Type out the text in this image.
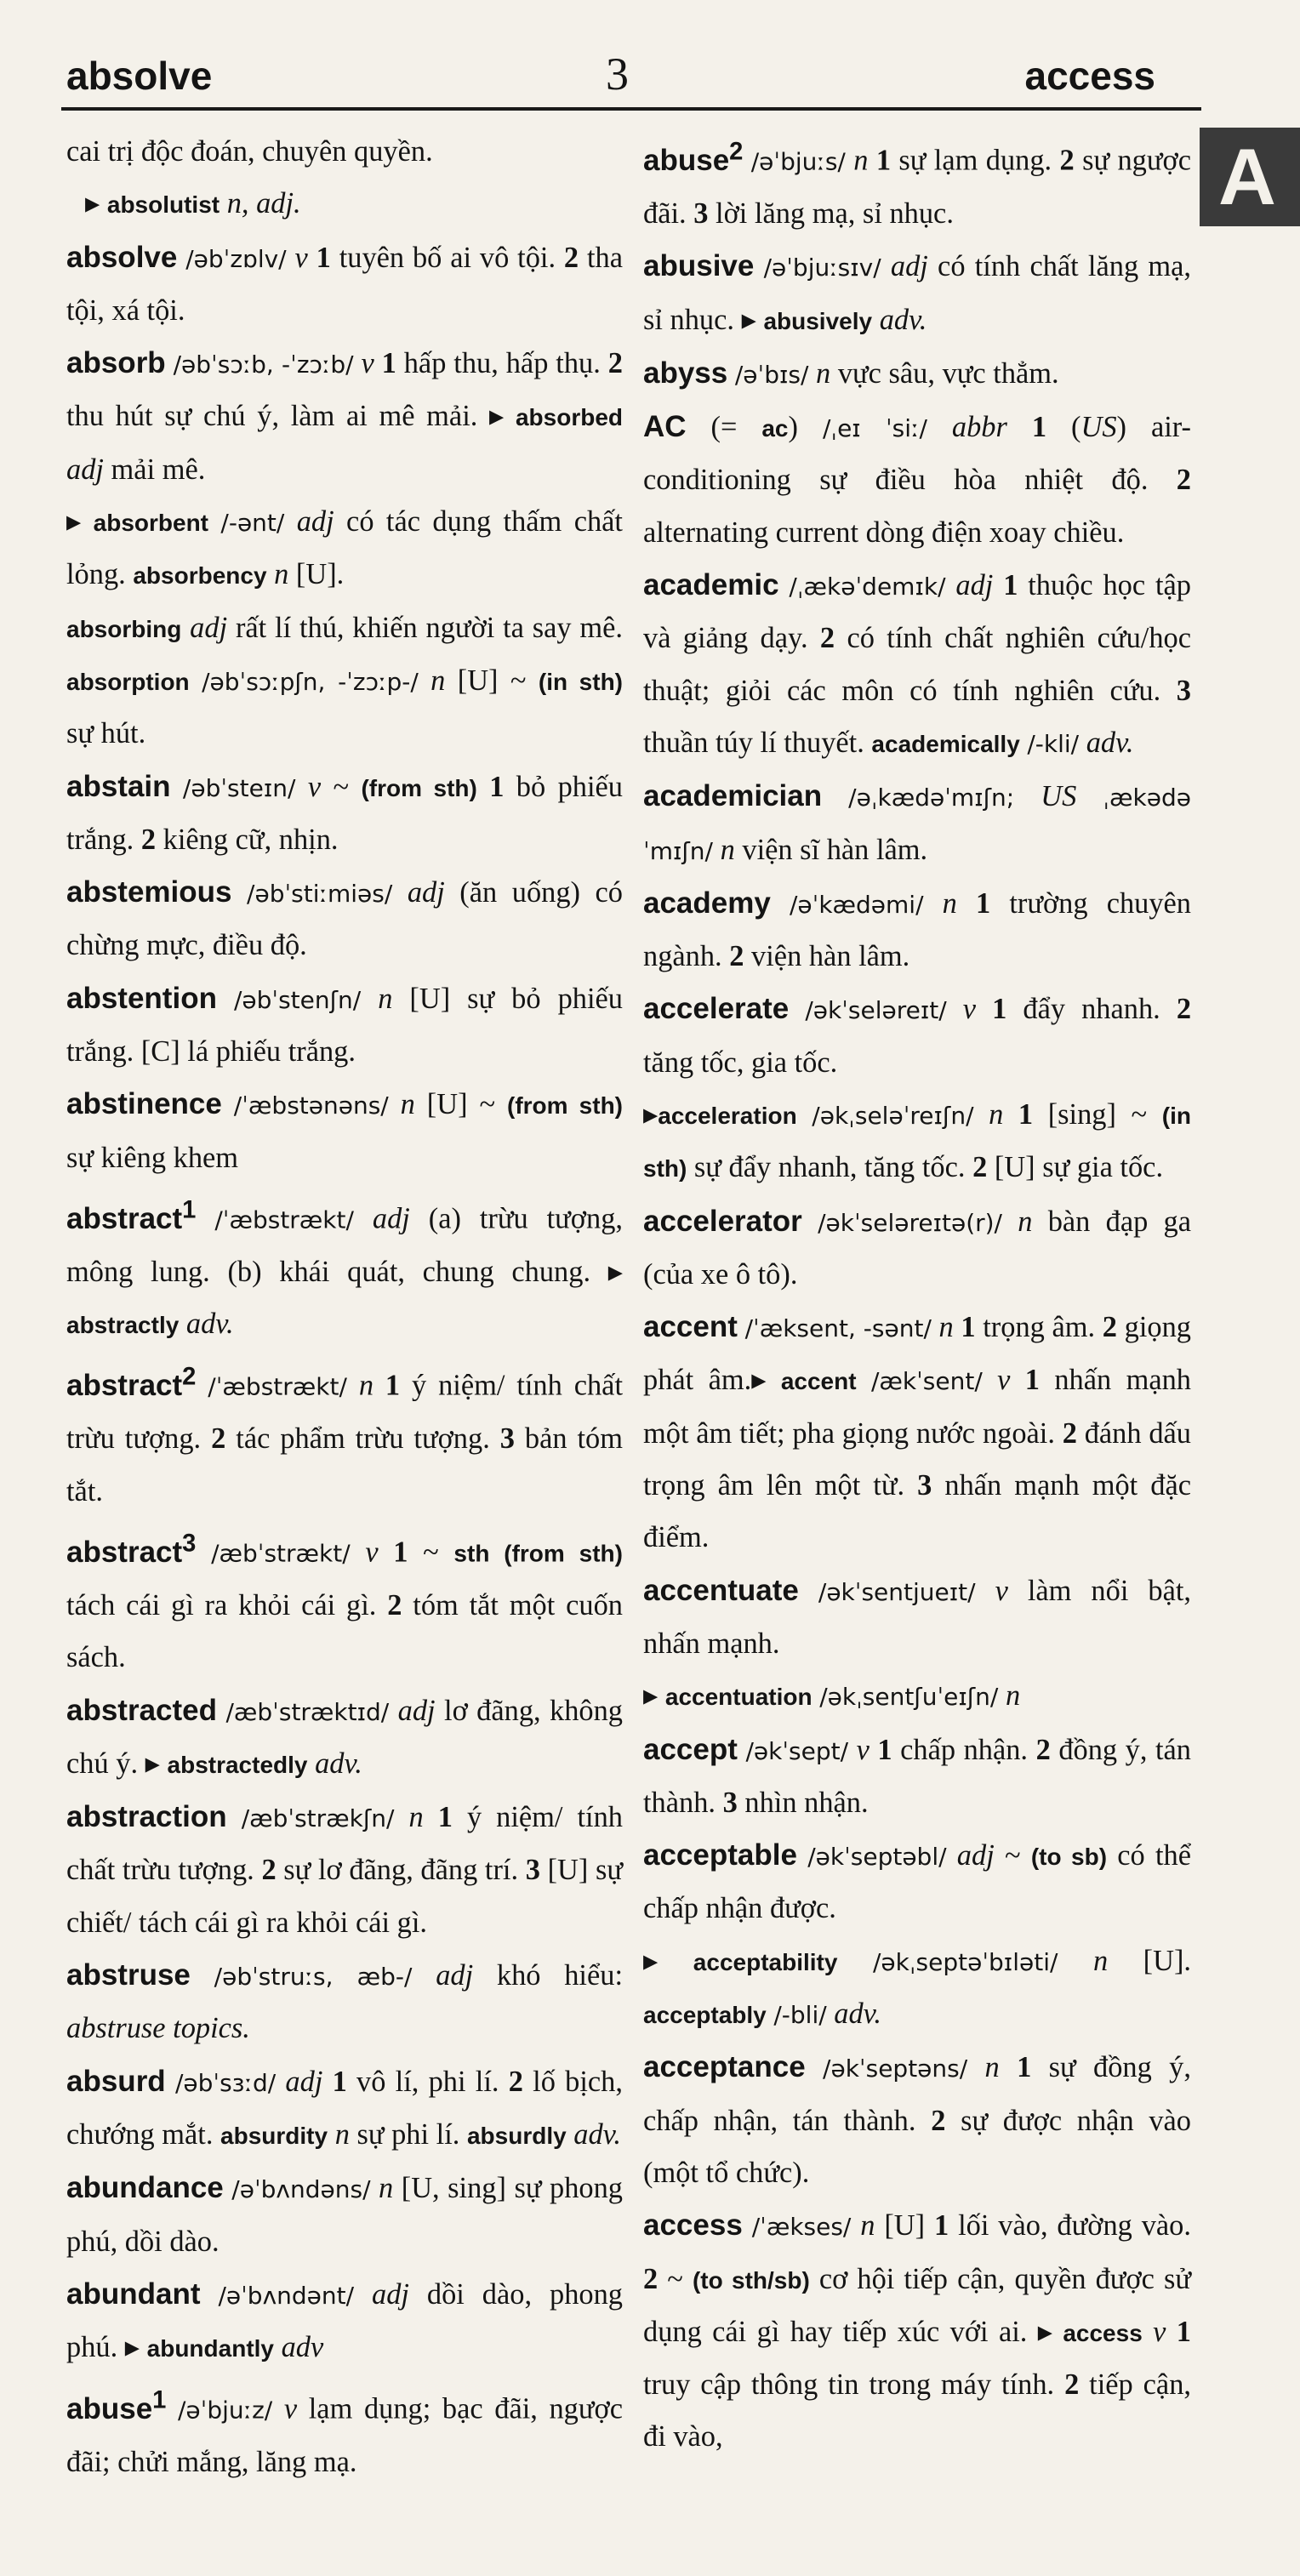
absolve	3	access
A

cai trị độc đoán, chuyên quyền.

▸ absolutist n, adj.

absolve /əbˈzɒlv/ v 1 tuyên bố ai vô tội. 2 tha tội, xá tội.

absorb /əbˈsɔːb, -ˈzɔːb/ v 1 hấp thu, hấp thụ. 2 thu hút sự chú ý, làm ai mê mải. ▸ absorbed adj mải mê.

▸ absorbent /-ənt/ adj có tác dụng thấm chất lỏng. absorbency n [U].

absorbing adj rất lí thú, khiến người ta say mê. absorption /əbˈsɔːpʃn, -ˈzɔːp-/ n [U] ~ (in sth) sự hút.

abstain /əbˈsteɪn/ v ~ (from sth) 1 bỏ phiếu trắng. 2 kiêng cữ, nhịn.

abstemious /əbˈstiːmiəs/ adj (ăn uống) có chừng mực, điều độ.

abstention /əbˈstenʃn/ n [U] sự bỏ phiếu trắng. [C] lá phiếu trắng.

abstinence /ˈæbstənəns/ n [U] ~ (from sth) sự kiêng khem

abstract$^1$ /ˈæbstrækt/ adj (a) trừu tượng, mông lung. (b) khái quát, chung chung. ▸ abstractly adv.

abstract$^2$ /ˈæbstrækt/ n 1 ý niệm/ tính chất trừu tượng. 2 tác phẩm trừu tượng. 3 bản tóm tắt.

abstract$^3$ /æbˈstrækt/ v 1 ~ sth (from sth) tách cái gì ra khỏi cái gì. 2 tóm tắt một cuốn sách.

abstracted /æbˈstræktɪd/ adj lơ đãng, không chú ý. ▸ abstractedly adv.

abstraction /æbˈstrækʃn/ n 1 ý niệm/ tính chất trừu tượng. 2 sự lơ đãng, đãng trí. 3 [U] sự chiết/ tách cái gì ra khỏi cái gì.

abstruse /əbˈstruːs, æb-/ adj khó hiểu: abstruse topics.

absurd /əbˈsɜːd/ adj 1 vô lí, phi lí. 2 lố bịch, chướng mắt. absurdity n sự phi lí. absurdly adv.

abundance /əˈbʌndəns/ n [U, sing] sự phong phú, dồi dào.

abundant /əˈbʌndənt/ adj dồi dào, phong phú. ▸ abundantly adv

abuse$^1$ /əˈbjuːz/ v lạm dụng; bạc đãi, ngược đãi; chửi mắng, lăng mạ.

abuse$^2$ /əˈbjuːs/ n 1 sự lạm dụng. 2 sự ngược đãi. 3 lời lăng mạ, sỉ nhục.

abusive /əˈbjuːsɪv/ adj có tính chất lăng mạ, sỉ nhục. ▸ abusively adv.

abyss /əˈbɪs/ n vực sâu, vực thẳm.

AC (= ac) /ˌeɪ ˈsiː/ abbr 1 (US) air-conditioning sự điều hòa nhiệt độ. 2 alternating current dòng điện xoay chiều.

academic /ˌækəˈdemɪk/ adj 1 thuộc học tập và giảng dạy. 2 có tính chất nghiên cứu/học thuật; giỏi các môn có tính nghiên cứu. 3 thuần túy lí thuyết. academically /-kli/ adv.

academician /əˌkædəˈmɪʃn; US ˌækədəˈmɪʃn/ n viện sĩ hàn lâm.

academy /əˈkædəmi/ n 1 trường chuyên ngành. 2 viện hàn lâm.

accelerate /əkˈseləreɪt/ v 1 đẩy nhanh. 2 tăng tốc, gia tốc.

▸acceleration /əkˌseləˈreɪʃn/ n 1 [sing] ~ (in sth) sự đẩy nhanh, tăng tốc. 2 [U] sự gia tốc.

accelerator /əkˈseləreɪtə(r)/ n bàn đạp ga (của xe ô tô).

accent /ˈæksent, -sənt/ n 1 trọng âm. 2 giọng phát âm.▸ accent /ækˈsent/ v 1 nhấn mạnh một âm tiết; pha giọng nước ngoài. 2 đánh dấu trọng âm lên một từ. 3 nhấn mạnh một đặc điểm.

accentuate /əkˈsentjueɪt/ v làm nổi bật, nhấn mạnh.

▸ accentuation /əkˌsentʃuˈeɪʃn/ n

accept /əkˈsept/ v 1 chấp nhận. 2 đồng ý, tán thành. 3 nhìn nhận.

acceptable /əkˈseptəbl/ adj ~ (to sb) có thể chấp nhận được.

▸ acceptability /əkˌseptəˈbɪləti/ n [U]. acceptably /-bli/ adv.

acceptance /əkˈseptəns/ n 1 sự đồng ý, chấp nhận, tán thành. 2 sự được nhận vào (một tổ chức).

access /ˈækses/ n [U] 1 lối vào, đường vào. 2 ~ (to sth/sb) cơ hội tiếp cận, quyền được sử dụng cái gì hay tiếp xúc với ai. ▸ access v 1 truy cập thông tin trong máy tính. 2 tiếp cận, đi vào,
